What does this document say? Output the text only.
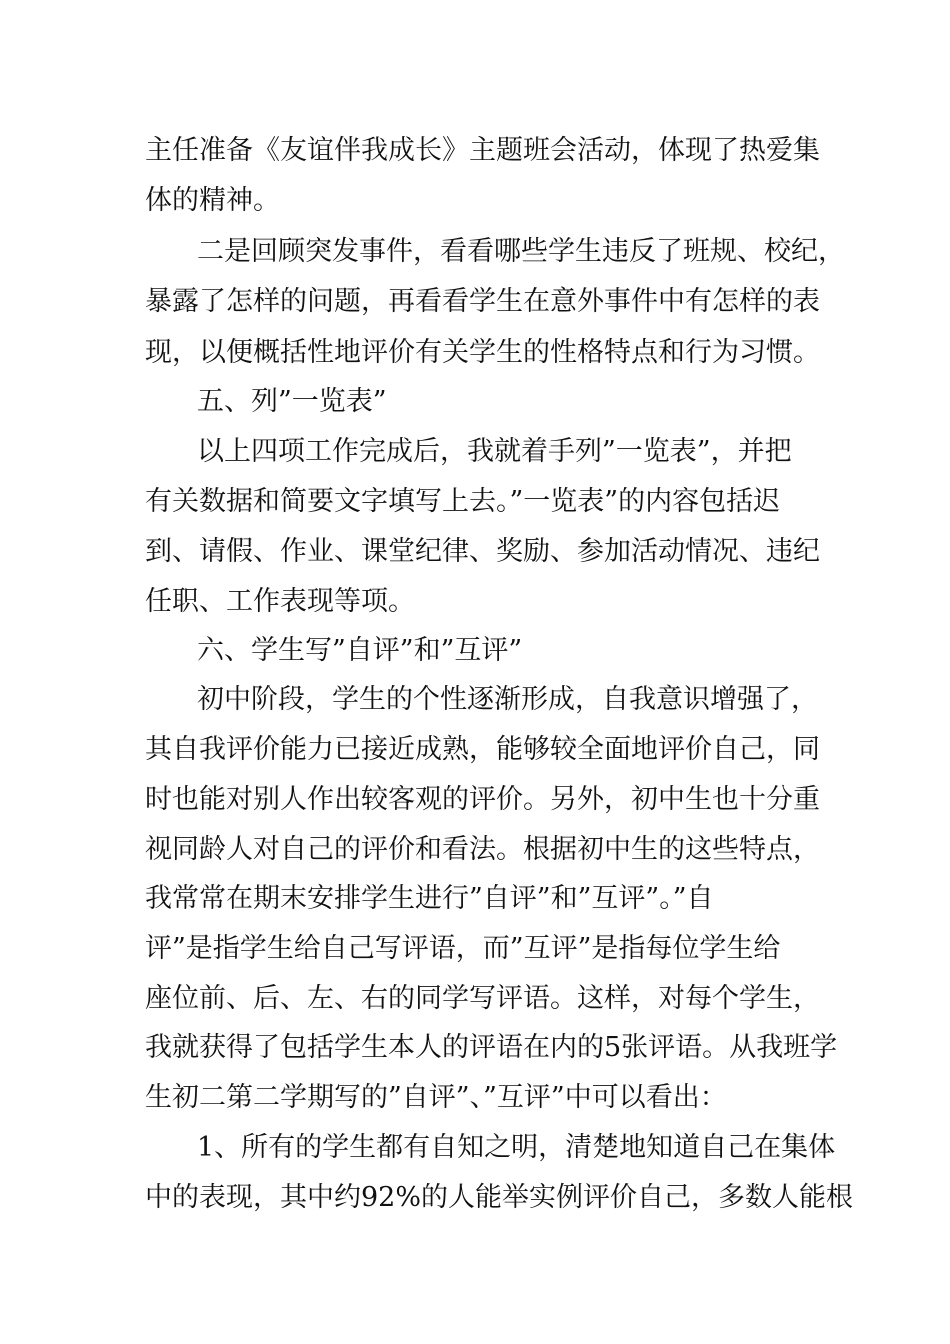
主任准备《友谊伴我成长》主题班会活动，体现了热爱集
体的精神。
二是回顾突发事件，看看哪些学生违反了班规、校纪，
暴露了怎样的问题，再看看学生在意外事件中有怎样的表
现，以便概括性地评价有关学生的性格特点和行为习惯。
五、列”一览表”
以上四项工作完成后，我就着手列”一览表”，并把
有关数据和简要文字填写上去。”一览表”的内容包括迟
到、请假、作业、课堂纪律、奖励、参加活动情况、违纪
任职、工作表现等项。
六、学生写”自评”和”互评”
初中阶段，学生的个性逐渐形成，自我意识增强了，
其自我评价能力已接近成熟，能够较全面地评价自己，同
时也能对别人作出较客观的评价。另外，初中生也十分重
视同龄人对自己的评价和看法。根据初中生的这些特点，
我常常在期末安排学生进行”自评”和”互评”。”自
评”是指学生给自己写评语，而”互评”是指每位学生给
座位前、后、左、右的同学写评语。这样，对每个学生，
我就获得了包括学生本人的评语在内的5张评语。从我班学
生初二第二学期写的”自评”、”互评”中可以看出：
1、所有的学生都有自知之明，清楚地知道自己在集体
中的表现，其中约92%的人能举实例评价自己，多数人能根
